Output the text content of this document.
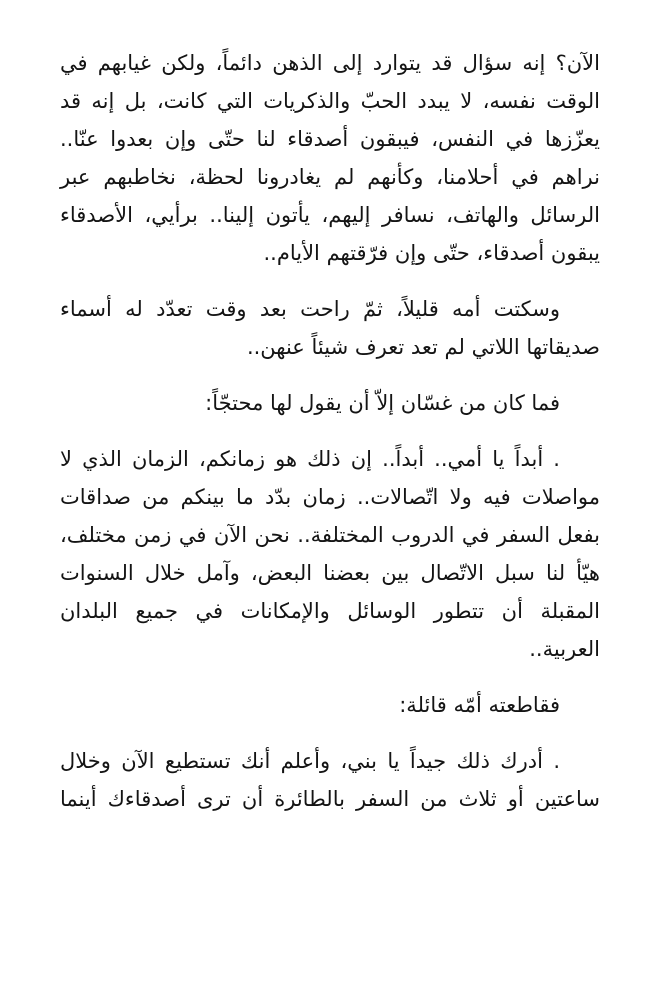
الآن؟ إنه سؤال قد يتوارد إلى الذهن دائماً، ولكن غيابهم في
الوقت نفسه، لا يبدد الحبّ والذكريات التي كانت، بل إنه قد
يعزّزها في النفس، فيبقون أصدقاء لنا حتّى وإن بعدوا عنّا..
نراهم في أحلامنا، وكأنهم لم يغادرونا لحظة، نخاطبهم عبر
الرسائل والهاتف، نسافر إليهم، يأتون إلينا.. برأيي، الأصدقاء
يبقون أصدقاء، حتّى وإن فرّقتهم الأيام..
وسكتت أمه قليلاً، ثمّ راحت بعد وقت تعدّد له أسماء
صديقاتها اللاتي لم تعد تعرف شيئاً عنهن..
فما كان من غسّان إلاّ أن يقول لها محتجّاً:
. أبداً يا أمي.. أبداً.. إن ذلك هو زمانكم، الزمان الذي لا
مواصلات فيه ولا اتّصالات.. زمان بدّد ما بينكم من صداقات
بفعل السفر في الدروب المختلفة.. نحن الآن في زمن مختلف،
هيّأ لنا سبل الاتّصال بين بعضنا البعض، وآمل خلال السنوات
المقبلة أن تتطور الوسائل والإمكانات في جميع البلدان
العربية..
فقاطعته أمّه قائلة:
. أدرك ذلك جيداً يا بني، وأعلم أنك تستطيع الآن وخلال
ساعتين أو ثلاث من السفر بالطائرة أن ترى أصدقاءك أينما
